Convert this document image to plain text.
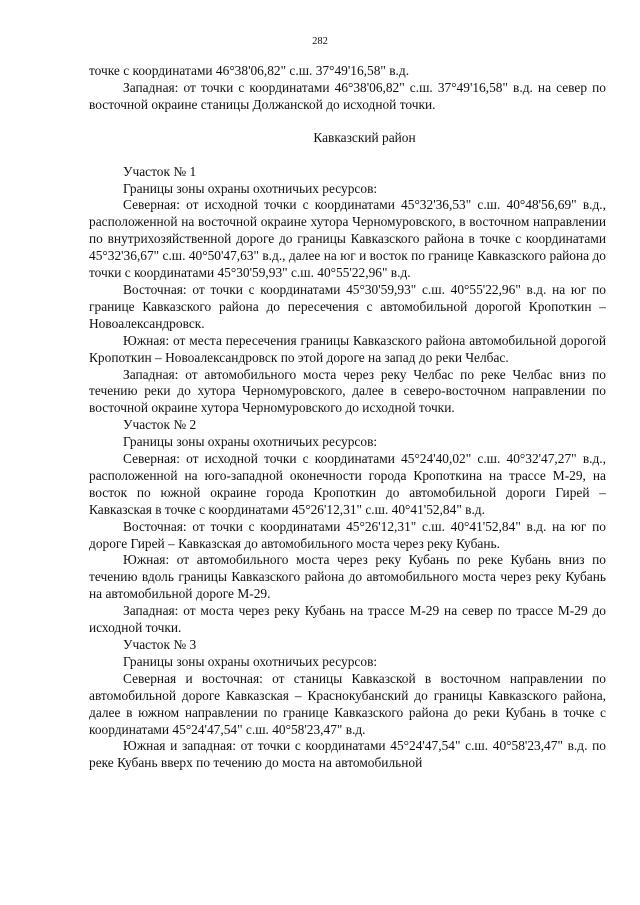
282

точке с координатами 46°38'06,82" с.ш. 37°49'16,58" в.д.

Западная: от точки с координатами 46°38'06,82" с.ш. 37°49'16,58" в.д. на север по восточной окраине станицы Должанской до исходной точки.

Кавказский район

Участок № 1

Границы зоны охраны охотничьих ресурсов:

Северная: от исходной точки с координатами 45°32'36,53" с.ш. 40°48'56,69" в.д., расположенной на восточной окраине хутора Черномуровского, в восточном направлении по внутрихозяйственной дороге до границы Кавказского района в точке с координатами 45°32'36,67" с.ш. 40°50'47,63" в.д., далее на юг и восток по границе Кавказского района до точки с координатами 45°30'59,93" с.ш. 40°55'22,96" в.д.

Восточная: от точки с координатами 45°30'59,93" с.ш. 40°55'22,96" в.д. на юг по границе Кавказского района до пересечения с автомобильной дорогой Кропоткин – Новоалександровск.

Южная: от места пересечения границы Кавказского района автомобильной дорогой Кропоткин – Новоалександровск по этой дороге на запад до реки Челбас.

Западная: от автомобильного моста через реку Челбас по реке Челбас вниз по течению реки до хутора Черномуровского, далее в северо-восточном направлении по восточной окраине хутора Черномуровского до исходной точки.

Участок № 2

Границы зоны охраны охотничьих ресурсов:

Северная: от исходной точки с координатами 45°24'40,02" с.ш. 40°32'47,27" в.д., расположенной на юго-западной оконечности города Кропоткина на трассе М-29, на восток по южной окраине города Кропоткин до автомобильной дороги Гирей – Кавказская в точке с координатами 45°26'12,31" с.ш. 40°41'52,84" в.д.

Восточная: от точки с координатами 45°26'12,31" с.ш. 40°41'52,84" в.д. на юг по дороге Гирей – Кавказская до автомобильного моста через реку Кубань.

Южная: от автомобильного моста через реку Кубань по реке Кубань вниз по течению вдоль границы Кавказского района до автомобильного моста через реку Кубань на автомобильной дороге М-29.

Западная: от моста через реку Кубань на трассе М-29 на север по трассе М-29 до исходной точки.

Участок № 3

Границы зоны охраны охотничьих ресурсов:

Северная и восточная: от станицы Кавказской в восточном направлении по автомобильной дороге Кавказская – Краснокубанский до границы Кавказского района, далее в южном направлении по границе Кавказского района до реки Кубань в точке с координатами 45°24'47,54" с.ш. 40°58'23,47" в.д.

Южная и западная: от точки с координатами 45°24'47,54" с.ш. 40°58'23,47" в.д. по реке Кубань вверх по течению до моста на автомобильной
